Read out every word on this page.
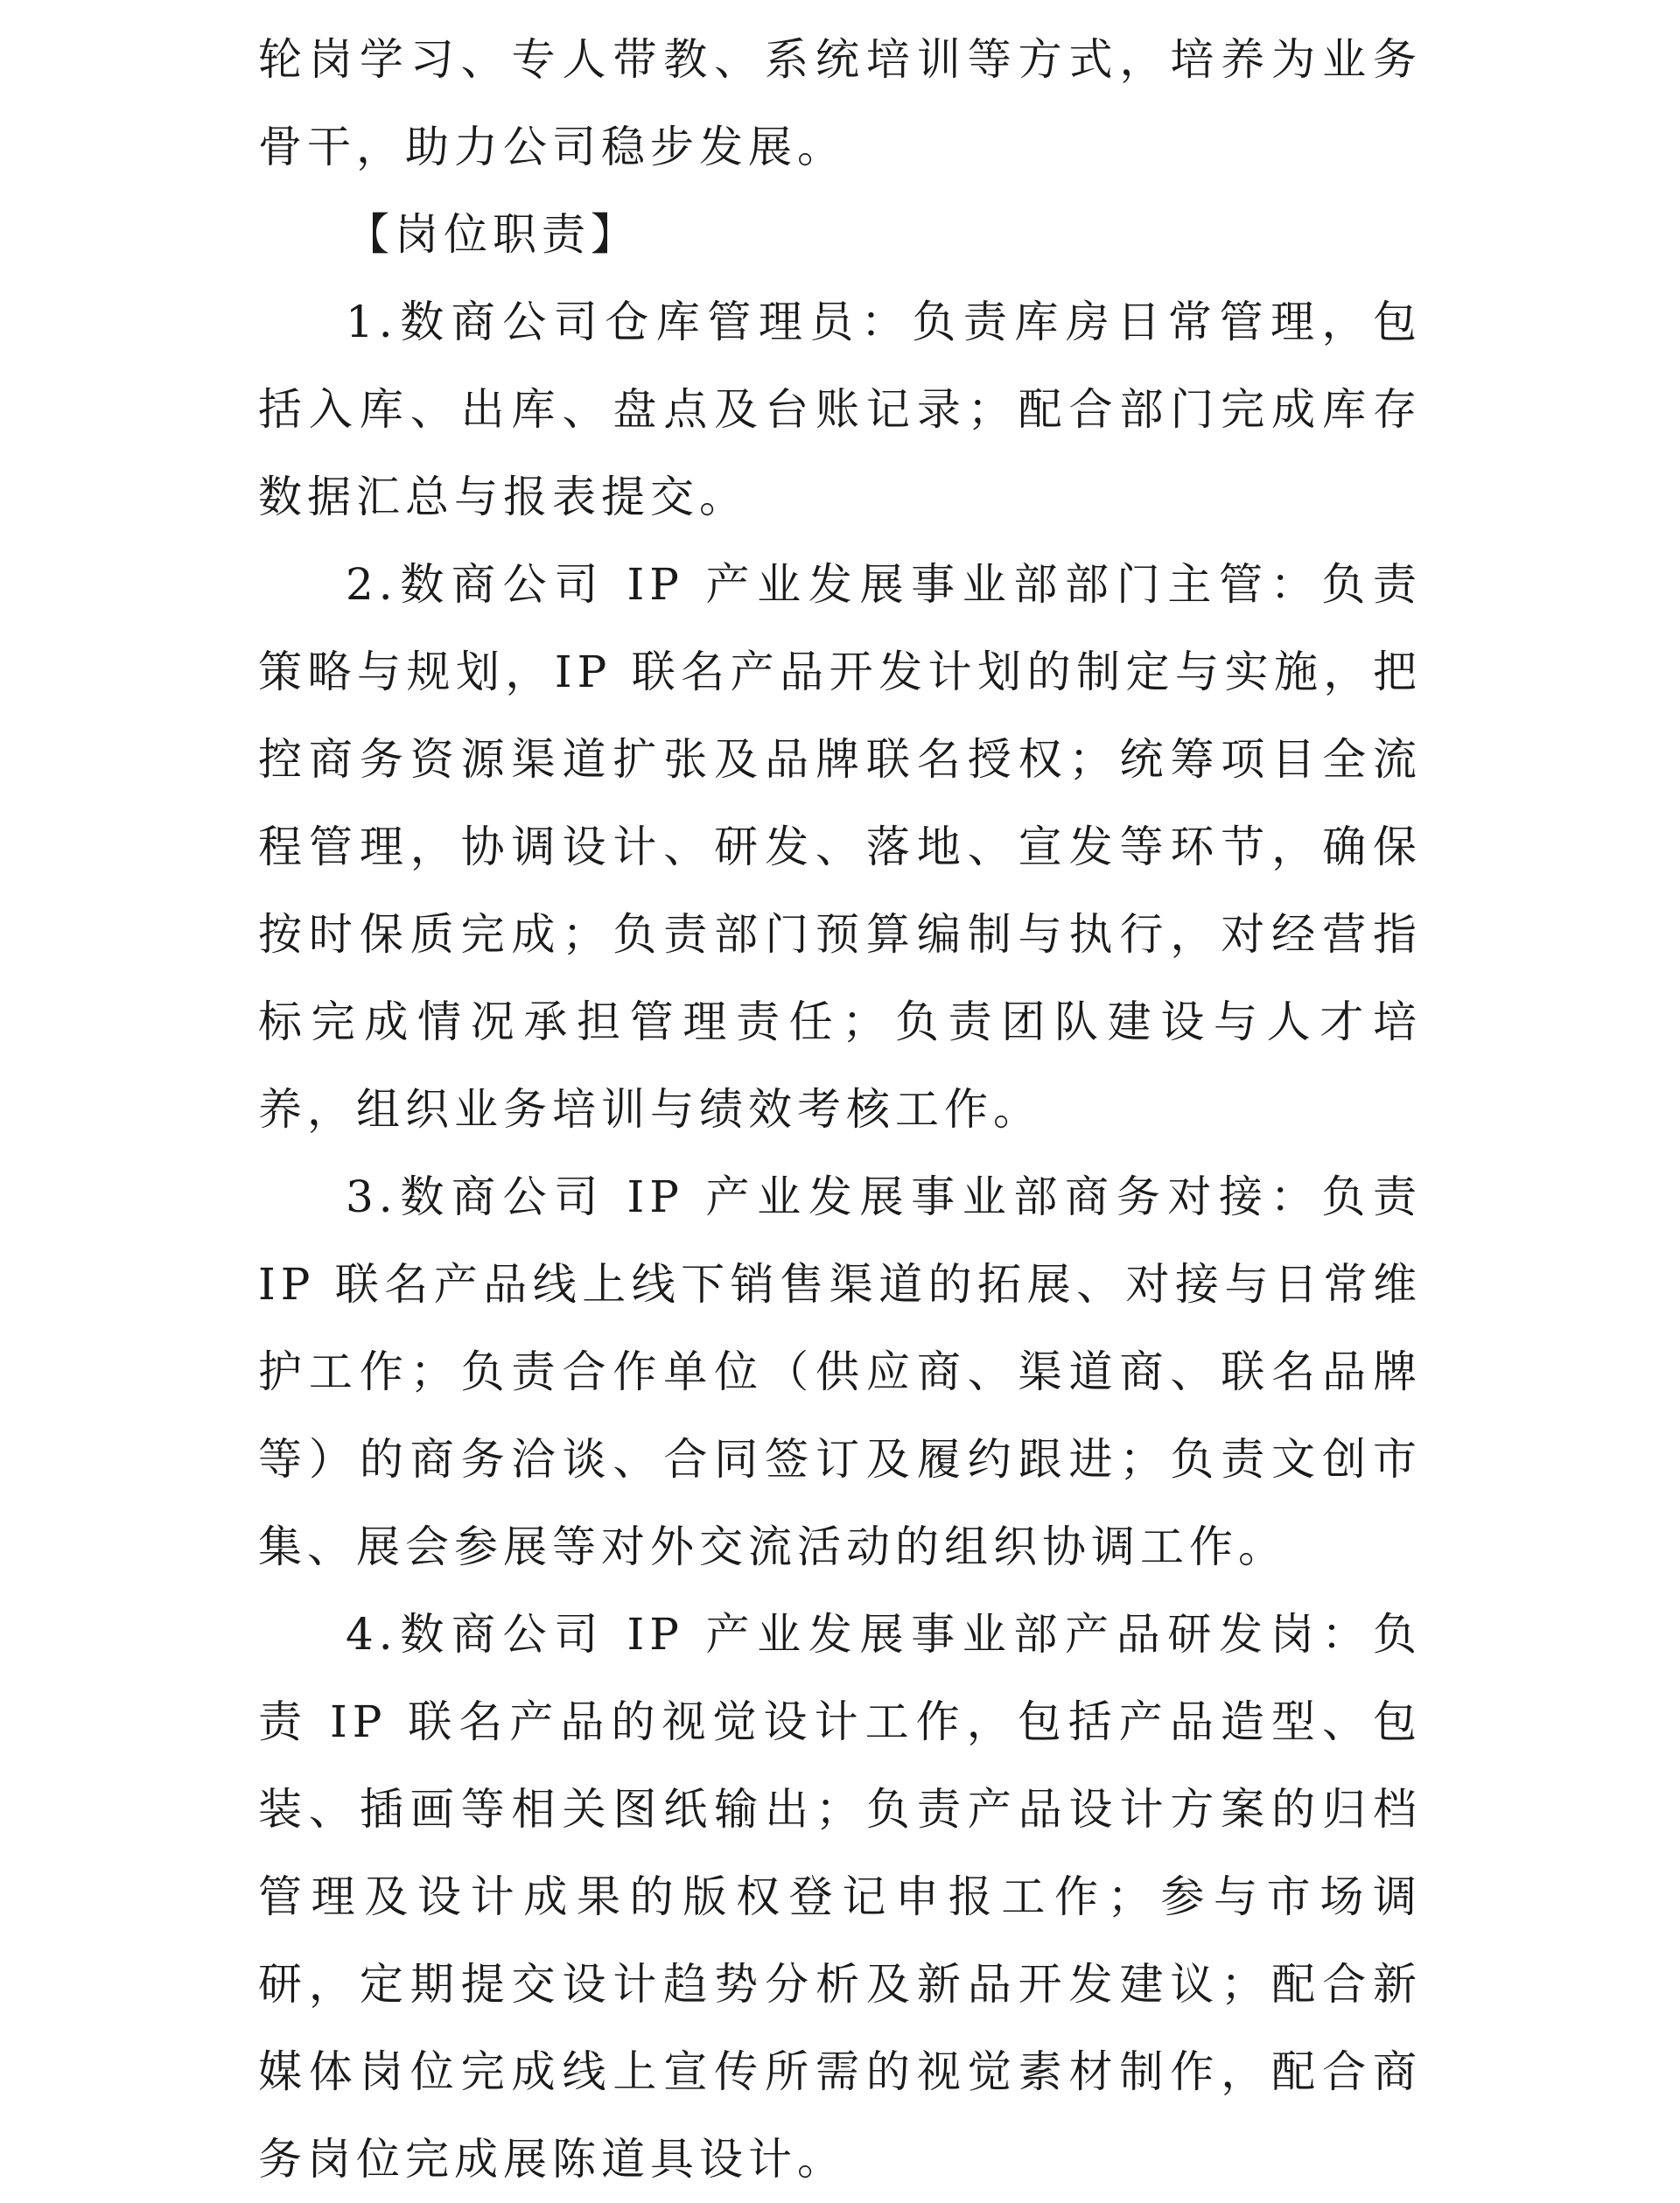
轮岗学习、专人带教、系统培训等方式，培养为业务骨干，助力公司稳步发展。

【岗位职责】

1.数商公司仓库管理员：负责库房日常管理，包括入库、出库、盘点及台账记录；配合部门完成库存数据汇总与报表提交。

2.数商公司 IP 产业发展事业部部门主管：负责策略与规划，IP 联名产品开发计划的制定与实施，把控商务资源渠道扩张及品牌联名授权；统筹项目全流程管理，协调设计、研发、落地、宣发等环节，确保按时保质完成；负责部门预算编制与执行，对经营指标完成情况承担管理责任；负责团队建设与人才培养，组织业务培训与绩效考核工作。

3.数商公司 IP 产业发展事业部商务对接：负责 IP 联名产品线上线下销售渠道的拓展、对接与日常维护工作；负责合作单位（供应商、渠道商、联名品牌等）的商务洽谈、合同签订及履约跟进；负责文创市集、展会参展等对外交流活动的组织协调工作。

4.数商公司 IP 产业发展事业部产品研发岗：负责 IP 联名产品的视觉设计工作，包括产品造型、包装、插画等相关图纸输出；负责产品设计方案的归档管理及设计成果的版权登记申报工作；参与市场调研，定期提交设计趋势分析及新品开发建议；配合新媒体岗位完成线上宣传所需的视觉素材制作，配合商务岗位完成展陈道具设计。
